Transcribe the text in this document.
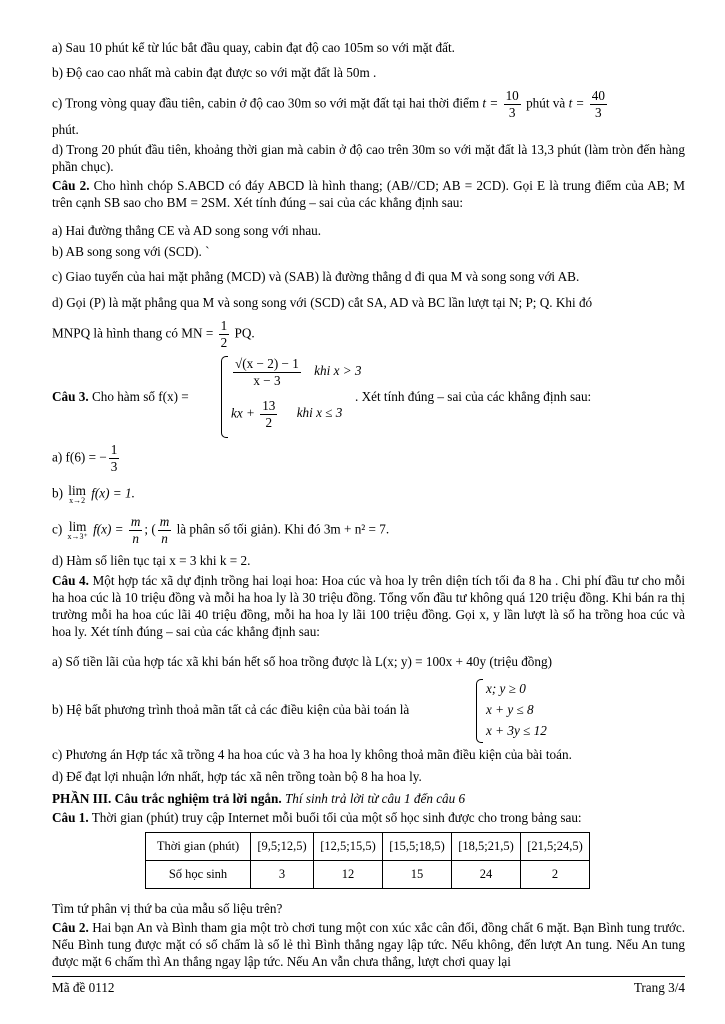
a) Sau 10 phút kể từ lúc bắt đầu quay, cabin đạt độ cao 105m so với mặt đất.
b) Độ cao cao nhất mà cabin đạt được so với mặt đất là 50m .
c) Trong vòng quay đầu tiên, cabin ở độ cao 30m so với mặt đất tại hai thời điểm $t = \frac{10}{3}$ phút và $t = \frac{40}{3}$
phút.
d) Trong 20 phút đầu tiên, khoảng thời gian mà cabin ở độ cao trên 30m so với mặt đất là 13,3 phút (làm tròn đến hàng phần chục).
Câu 2. Cho hình chóp S.ABCD có đáy ABCD là hình thang; (AB//CD; AB = 2CD). Gọi E là trung điểm của AB; M trên cạnh SB sao cho BM = 2SM. Xét tính đúng – sai của các khẳng định sau:
a) Hai đường thẳng CE và AD song song với nhau.
b) AB song song với (SCD). `
c) Giao tuyến của hai mặt phẳng (MCD) và (SAB) là đường thẳng d đi qua M và song song với AB.
d) Gọi (P) là mặt phẳng qua M và song song với (SCD) cắt SA, AD và BC lần lượt tại N; P; Q. Khi đó
MNPQ là hình thang có MN = $\frac{1}{2}$ PQ.
Câu 3. Cho hàm số f(x) =
$\frac{√(x - 2) - 1}{x - 3}$ khi x > 3
kx + $\frac{13}{2}$ khi x ≤ 3
. Xét tính đúng – sai của các khẳng định sau:
a) f(6) = − $\frac{1}{3}$
b) lim
x→2
f(x) = 1.
c) lim
x→3⁺
$f(x) = \frac{m}{n}$ ; ( $\frac{m}{n}$ là phân số tối giản). Khi đó 3m + n² = 7.
d) Hàm số liên tục tại x = 3 khi k = 2.
Câu 4. Một hợp tác xã dự định trồng hai loại hoa: Hoa cúc và hoa ly trên diện tích tối đa 8 ha . Chi phí đầu tư cho mỗi ha hoa cúc là 10 triệu đồng và mỗi ha hoa ly là 30 triệu đồng. Tổng vốn đầu tư không quá 120 triệu đồng. Khi bán ra thị trường mỗi ha hoa cúc lãi 40 triệu đồng, mỗi ha hoa ly lãi 100 triệu đồng. Gọi x, y lần lượt là số ha trồng hoa cúc và hoa ly. Xét tính đúng – sai của các khẳng định sau:
a) Số tiền lãi của hợp tác xã khi bán hết số hoa trồng được là L(x; y) = 100x + 40y (triệu đồng)
b) Hệ bất phương trình thoả mãn tất cả các điều kiện của bài toán là
x; y ≥ 0
x + y ≤ 8
x + 3y ≤ 12
c) Phương án Hợp tác xã trồng 4 ha hoa cúc và 3 ha hoa ly không thoả mãn điều kiện của bài toán.
d) Để đạt lợi nhuận lớn nhất, hợp tác xã nên trồng toàn bộ 8 ha hoa ly.
PHẦN III. Câu trắc nghiệm trả lời ngắn. Thí sinh trả lời từ câu 1 đến câu 6
Câu 1. Thời gian (phút) truy cập Internet mỗi buổi tối của một số học sinh được cho trong bảng sau:
Thời gian (phút)	[9,5;12,5)	[12,5;15,5)	[15,5;18,5)	[18,5;21,5)	[21,5;24,5)
Số học sinh	3	12	15	24	2
Tìm tứ phân vị thứ ba của mẫu số liệu trên?
Câu 2. Hai bạn An và Bình tham gia một trò chơi tung một con xúc xắc cân đối, đồng chất 6 mặt. Bạn Bình tung trước. Nếu Bình tung được mặt có số chấm là số lẻ thì Bình thắng ngay lập tức. Nếu không, đến lượt An tung. Nếu An tung được mặt 6 chấm thì An thắng ngay lập tức. Nếu An vẫn chưa thắng, lượt chơi quay lại
Mã đề 0112	Trang 3/4
